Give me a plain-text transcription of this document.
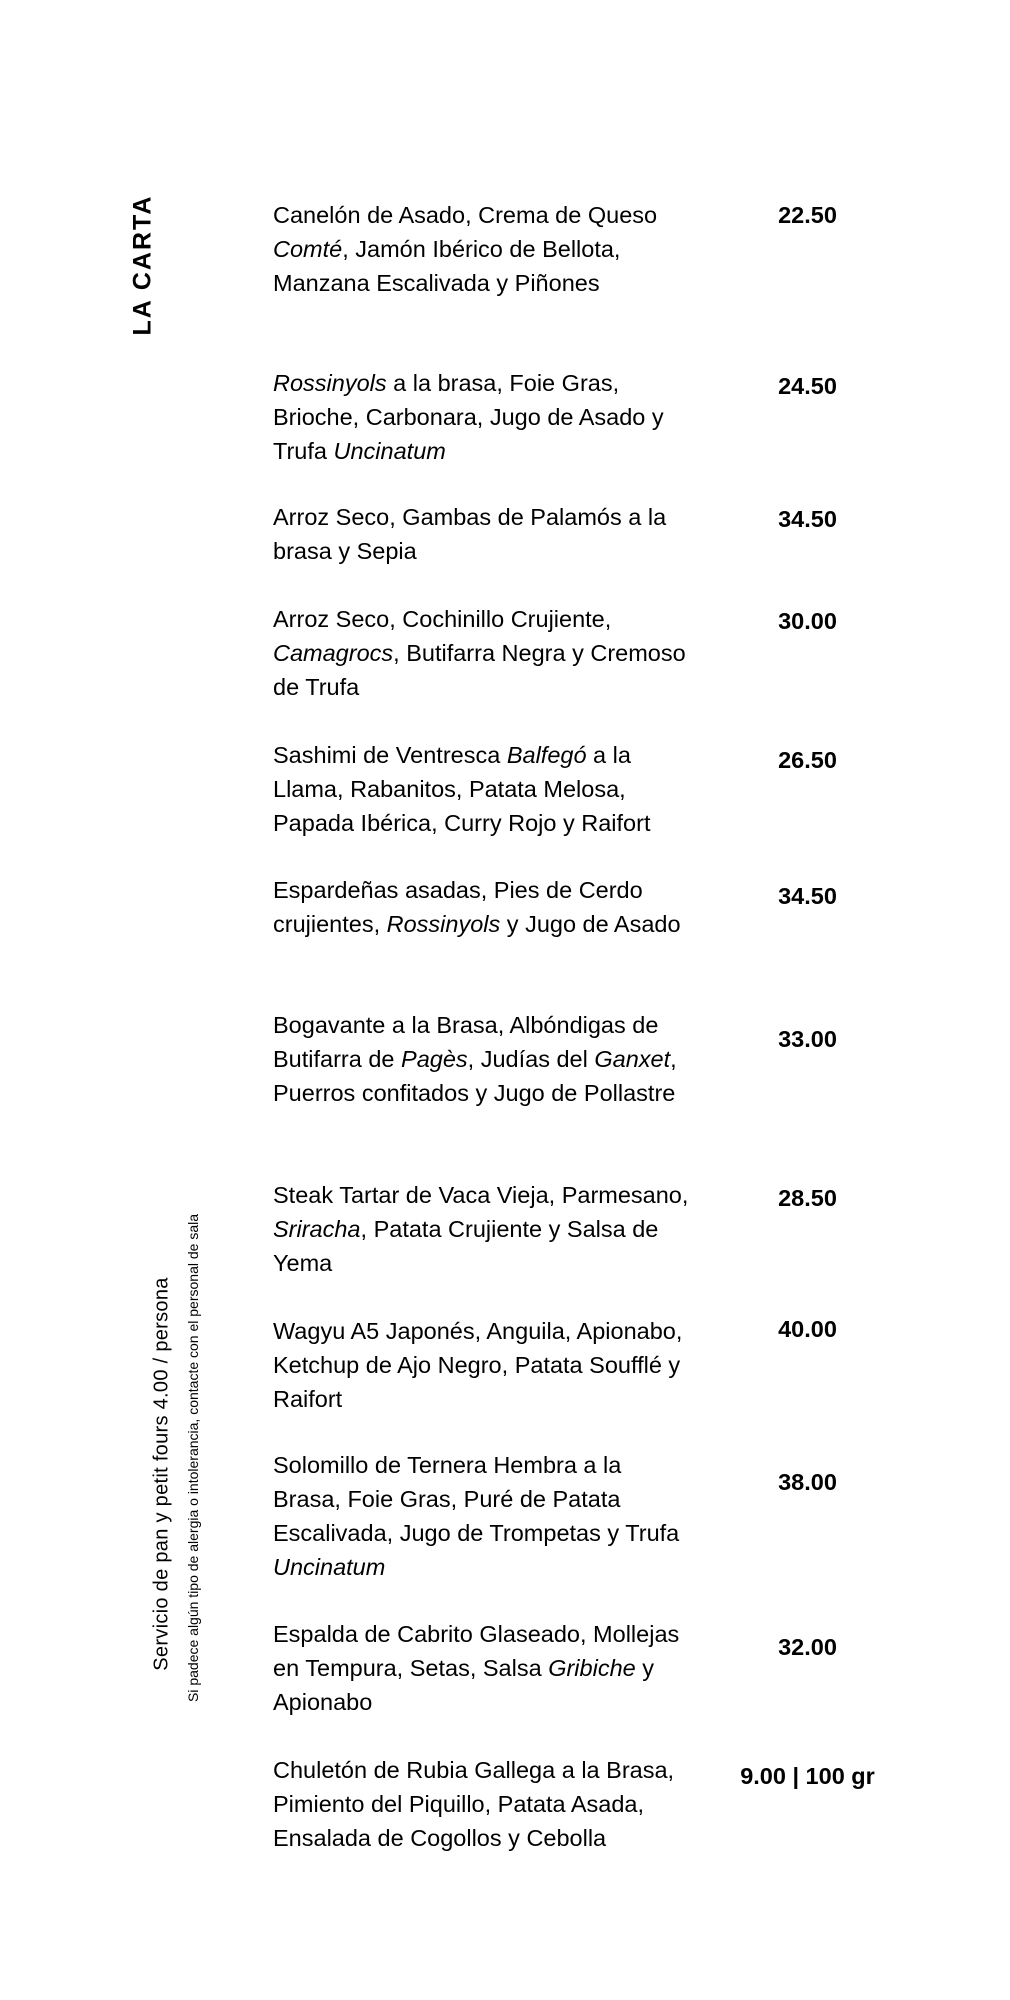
LA CARTA
Servicio de pan y petit fours 4.00 / persona Si padece algún tipo de alergia o intolerancia, contacte con el personal de sala

Canelón de Asado, Crema de Queso Comté, Jamón Ibérico de Bellota, Manzana Escalivada y Piñones

22.50

Rossinyols a la brasa, Foie Gras, Brioche, Carbonara, Jugo de Asado y Trufa Uncinatum

24.50

Arroz Seco, Gambas de Palamós a la brasa y Sepia

34.50

Arroz Seco, Cochinillo Crujiente, Camagrocs, Butifarra Negra y Cremoso de Trufa

30.00

Sashimi de Ventresca Balfegó a la Llama, Rabanitos, Patata Melosa, Papada Ibérica, Curry Rojo y Raifort

26.50

Espardeñas asadas, Pies de Cerdo crujientes, Rossinyols y Jugo de Asado

34.50

Bogavante a la Brasa, Albóndigas de Butifarra de Pagès, Judías del Ganxet, Puerros confitados y Jugo de Pollastre

33.00

Steak Tartar de Vaca Vieja, Parmesano, Sriracha, Patata Crujiente y Salsa de Yema

28.50

Wagyu A5 Japonés, Anguila, Apionabo, Ketchup de Ajo Negro, Patata Soufflé y Raifort

40.00

Solomillo de Ternera Hembra a la Brasa, Foie Gras, Puré de Patata Escalivada, Jugo de Trompetas y Trufa Uncinatum

38.00

Espalda de Cabrito Glaseado, Mollejas en Tempura, Setas, Salsa Gribiche y Apionabo

32.00

Chuletón de Rubia Gallega a la Brasa, Pimiento del Piquillo, Patata Asada, Ensalada de Cogollos y Cebolla

9.00 | 100 gr
